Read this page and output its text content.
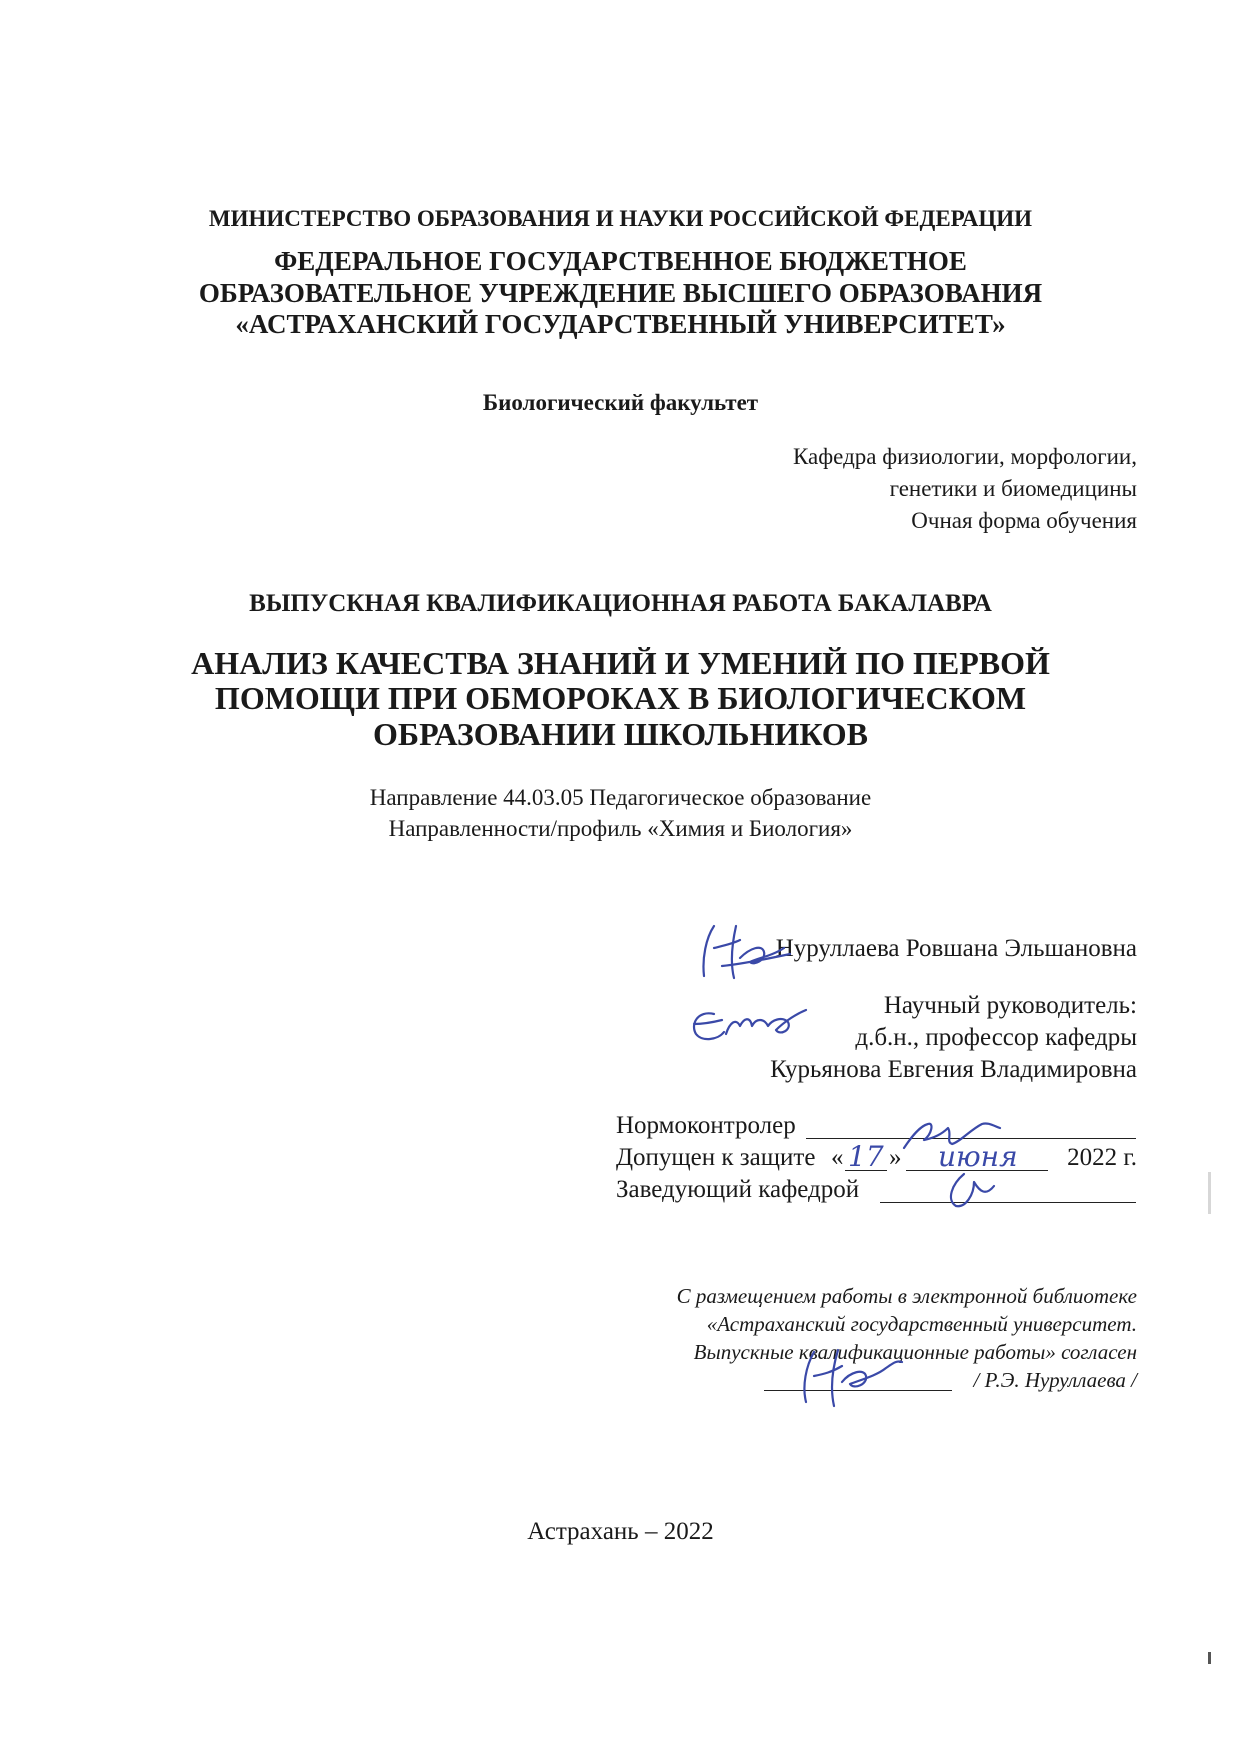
МИНИСТЕРСТВО ОБРАЗОВАНИЯ И НАУКИ РОССИЙСКОЙ ФЕДЕРАЦИИ
ФЕДЕРАЛЬНОЕ ГОСУДАРСТВЕННОЕ БЮДЖЕТНОЕ
ОБРАЗОВАТЕЛЬНОЕ УЧРЕЖДЕНИЕ ВЫСШЕГО ОБРАЗОВАНИЯ
«АСТРАХАНСКИЙ ГОСУДАРСТВЕННЫЙ УНИВЕРСИТЕТ»
Биологический факультет
Кафедра физиологии, морфологии,
генетики и биомедицины
Очная форма обучения
ВЫПУСКНАЯ КВАЛИФИКАЦИОННАЯ РАБОТА БАКАЛАВРА
АНАЛИЗ КАЧЕСТВА ЗНАНИЙ И УМЕНИЙ ПО ПЕРВОЙ
ПОМОЩИ ПРИ ОБМОРОКАХ В БИОЛОГИЧЕСКОМ
ОБРАЗОВАНИИ ШКОЛЬНИКОВ
Направление 44.03.05 Педагогическое образование
Направленности/профиль «Химия и Биология»
Нуруллаева Ровшана Эльшановна
Научный руководитель:
д.б.н., профессор кафедры
Курьянова Евгения Владимировна
Нормоконтролер
Допущен к защите « 17 » июня 2022 г.
Заведующий кафедрой
С размещением работы в электронной библиотеке
«Астраханский государственный университет.
Выпускные квалификационные работы» согласен
/ Р.Э. Нуруллаева /
Астрахань – 2022
